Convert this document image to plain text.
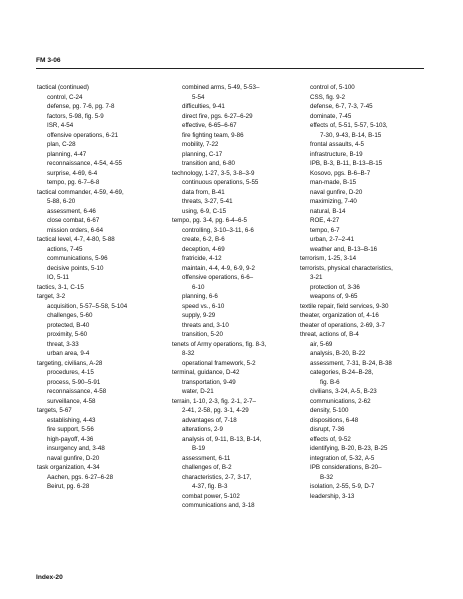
FM 3-06
tactical (continued)
control, C-24
defense, pg. 7-6, pg. 7-8
factors, 5-98, fig. 5-9
ISR, 4-54
offensive operations, 6-21
plan, C-28
planning, 4-47
reconnaissance, 4-54, 4-55
surprise, 4-69, 6-4
tempo, pg. 6-7–6-8
tactical commander, 4-59, 4-69,
5-88, 6-20
assessment, 6-46
close combat, 6-67
mission orders, 6-64
tactical level, 4-7, 4-80, 5-88
actions, 7-45
communications, 5-96
decisive points, 5-10
IO, 5-11
tactics, 3-1, C-15
target, 3-2
acquisition, 5-57–5-58, 5-104
challenges, 5-60
protected, B-40
proximity, 5-60
threat, 3-33
urban area, 9-4
targeting, civilians, A-28
procedures, 4-15
process, 5-90–5-91
reconnaissance, 4-58
surveillance, 4-58
targets, 5-67
establishing, 4-43
fire support, 5-56
high-payoff, 4-36
insurgency and, 3-48
naval gunfire, D-20
task organization, 4-34
Aachen, pgs. 6-27–6-28
Beirut, pg. 6-28
combined arms, 5-49, 5-53–
5-54
difficulties, 9-41
direct fire, pgs. 6-27–6-29
effective, 6-65–6-67
fire fighting team, 9-86
mobility, 7-22
planning, C-17
transition and, 6-80
technology, 1-27, 3-5, 3-8–3-9
continuous operations, 5-55
data from, B-41
threats, 3-27, 5-41
using, 6-9, C-15
tempo, pg. 3-4, pg. 6-4–6-5
controlling, 3-10–3-11, 6-6
create, 6-2, B-6
deception, 4-69
fratricide, 4-12
maintain, 4-4, 4-9, 6-9, 9-2
offensive operations, 6-6–
6-10
planning, 6-6
speed vs., 6-10
supply, 9-29
threats and, 3-10
transition, 5-20
tenets of Army operations, fig. 8-3,
8-32
operational framework, 5-2
terminal, guidance, D-42
transportation, 9-49
water, D-21
terrain, 1-10, 2-3, fig. 2-1, 2-7–
2-41, 2-58, pg. 3-1, 4-29
advantages of, 7-18
alterations, 2-9
analysis of, 9-11, B-13, B-14,
B-19
assessment, 6-11
challenges of, B-2
characteristics, 2-7, 3-17,
4-37, fig. B-3
combat power, 5-102
communications and, 3-18
control of, 5-100
CSS, fig. 9-2
defense, 6-7, 7-3, 7-45
dominate, 7-45
effects of, 5-51, 5-57, 5-103,
7-30, 9-43, B-14, B-15
frontal assaults, 4-5
infrastructure, B-19
IPB, B-3, B-11, B-13–B-15
Kosovo, pgs. B-6–B-7
man-made, B-15
naval gunfire, D-20
maximizing, 7-40
natural, B-14
ROE, 4-27
tempo, 6-7
urban, 2-7–2-41
weather and, B-13–B-16
terrorism, 1-25, 3-14
terrorists, physical characteristics,
3-21
protection of, 3-36
weapons of, 9-65
textile repair, field services, 9-30
theater, organization of, 4-16
theater of operations, 2-69, 3-7
threat, actions of, B-4
air, 5-69
analysis, B-20, B-22
assessment, 7-31, B-24, B-38
categories, B-24–B-28,
fig. B-6
civilians, 3-24, A-5, B-23
communications, 2-62
density, 5-100
dispositions, 6-48
disrupt, 7-36
effects of, 9-52
identifying, B-20, B-23, B-25
integration of, 5-32, A-5
IPB considerations, B-20–
B-32
isolation, 2-55, 5-9, D-7
leadership, 3-13
Index-20
